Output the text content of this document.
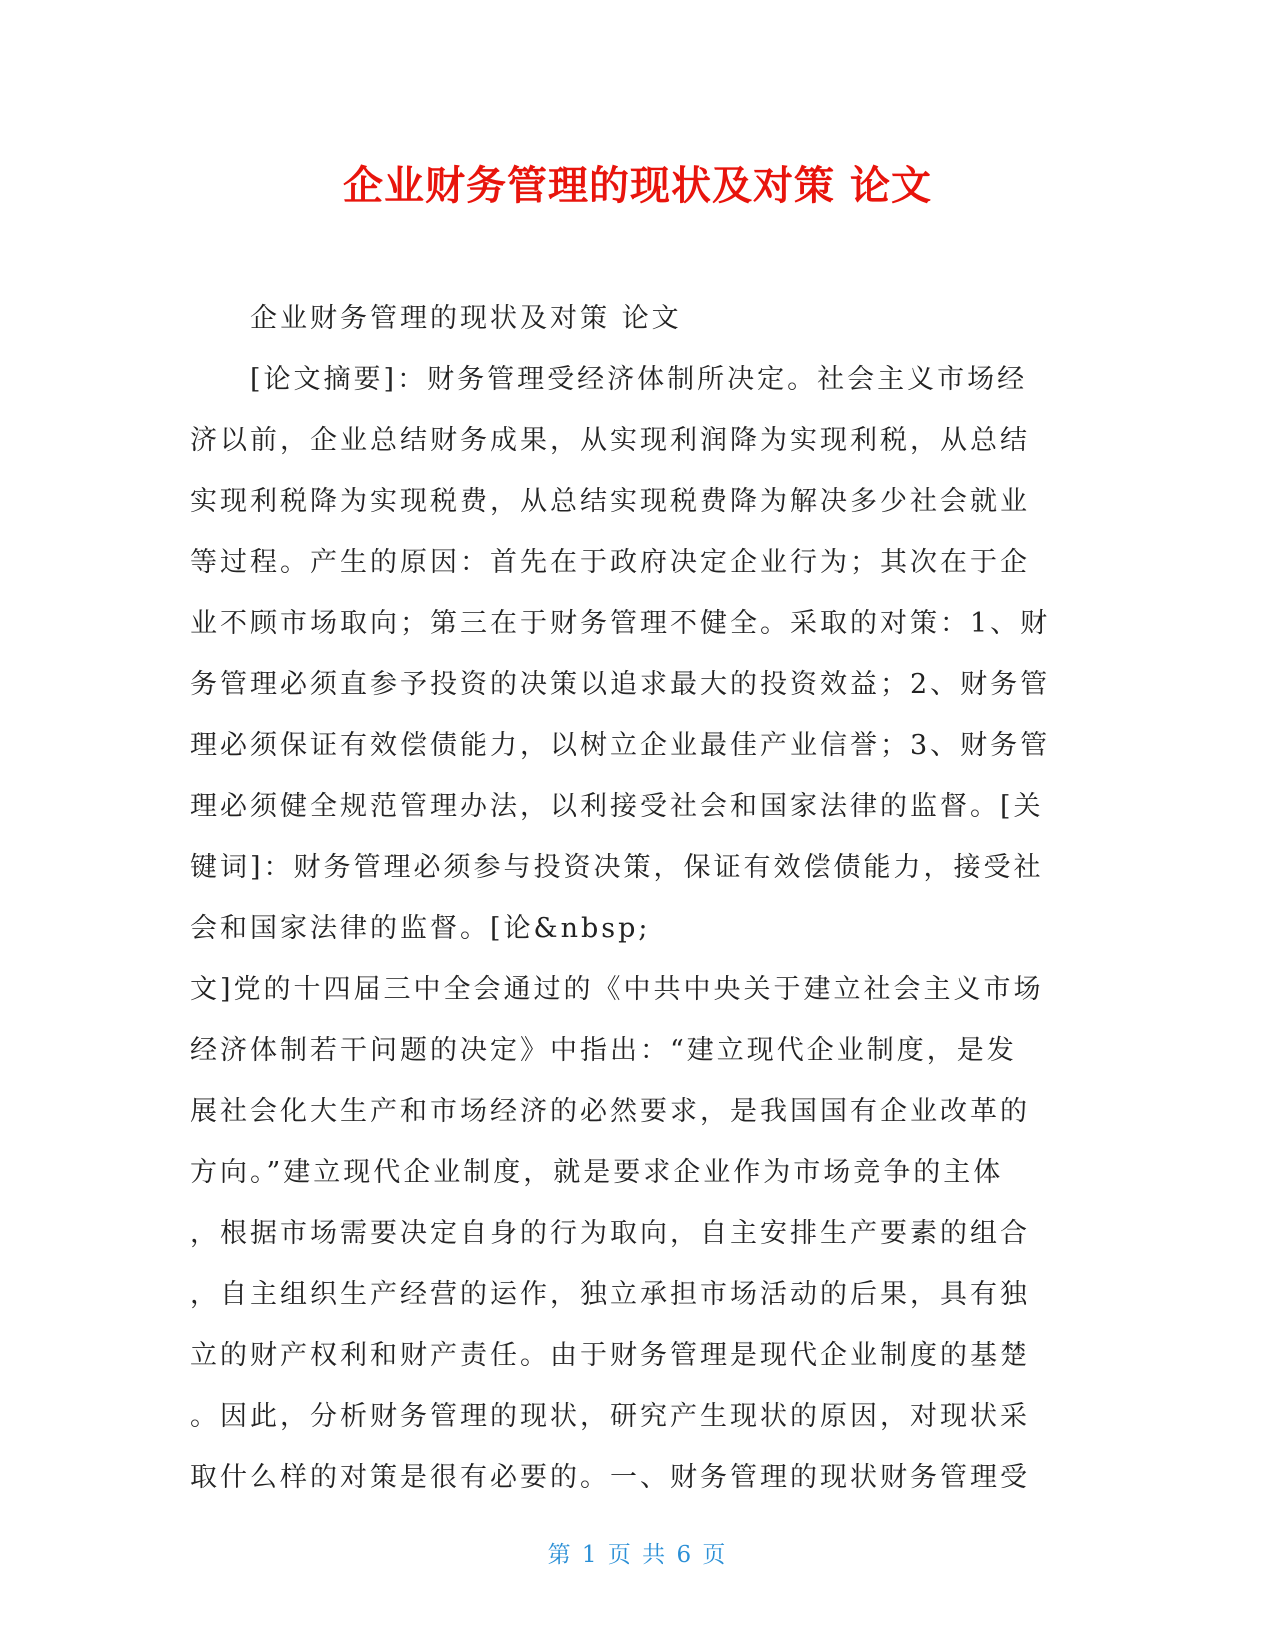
企业财务管理的现状及对策 论文
企业财务管理的现状及对策 论文
[论文摘要]：财务管理受经济体制所决定。社会主义市场经
济以前，企业总结财务成果，从实现利润降为实现利税，从总结
实现利税降为实现税费，从总结实现税费降为解决多少社会就业
等过程。产生的原因：首先在于政府决定企业行为；其次在于企
业不顾市场取向；第三在于财务管理不健全。采取的对策：1、财
务管理必须直参予投资的决策以追求最大的投资效益；2、财务管
理必须保证有效偿债能力，以树立企业最佳产业信誉；3、财务管
理必须健全规范管理办法，以利接受社会和国家法律的监督。[关
键词]：财务管理必须参与投资决策，保证有效偿债能力，接受社
会和国家法律的监督。[论&nbsp;
文]党的十四届三中全会通过的《中共中央关于建立社会主义市场
经济体制若干问题的决定》中指出：“建立现代企业制度，是发
展社会化大生产和市场经济的必然要求，是我国国有企业改革的
方向。”建立现代企业制度，就是要求企业作为市场竞争的主体
，根据市场需要决定自身的行为取向，自主安排生产要素的组合
，自主组织生产经营的运作，独立承担市场活动的后果，具有独
立的财产权利和财产责任。由于财务管理是现代企业制度的基楚
。因此，分析财务管理的现状，研究产生现状的原因，对现状采
取什么样的对策是很有必要的。一、财务管理的现状财务管理受
第 1 页 共 6 页
